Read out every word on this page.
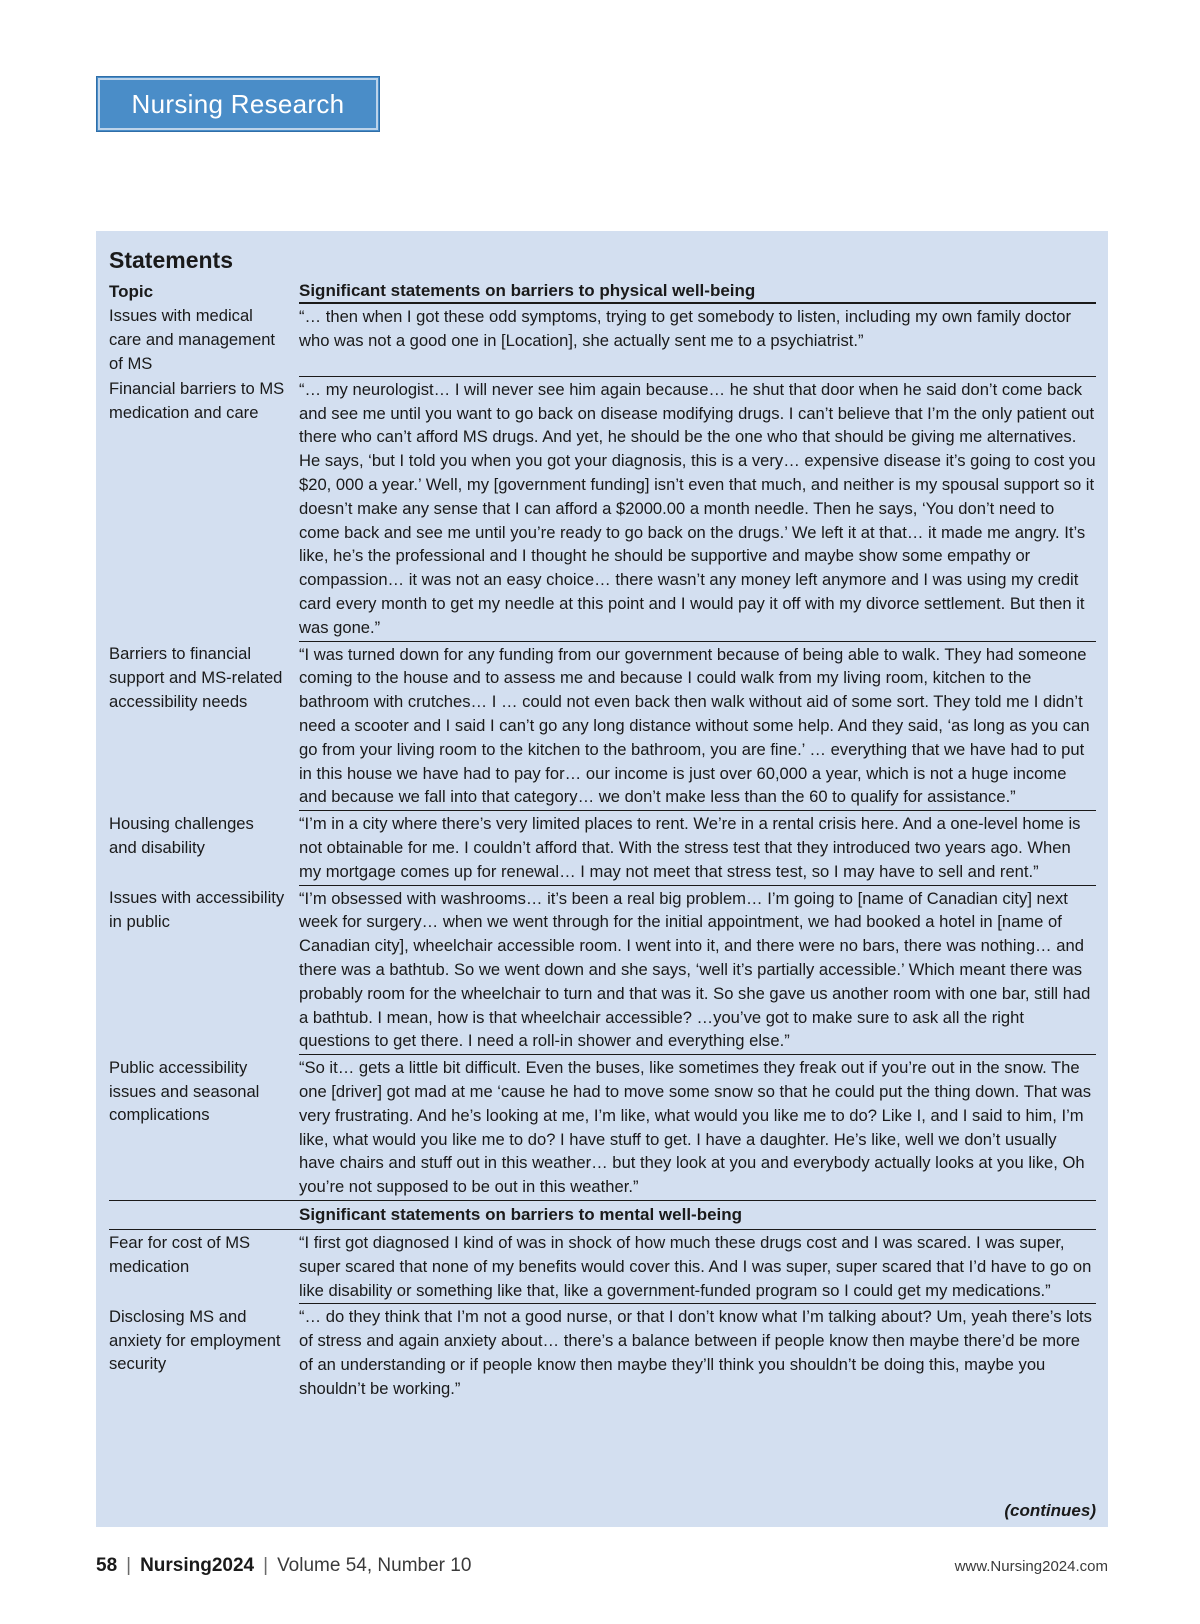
Nursing Research
Statements
Topic	Significant statements on barriers to physical well-being
Issues with medical care and management of MS	“… then when I got these odd symptoms, trying to get somebody to listen, including my own family doctor who was not a good one in [Location], she actually sent me to a psychiatrist.”
Financial barriers to MS medication and care	“… my neurologist… I will never see him again because… he shut that door when he said don’t come back and see me until you want to go back on disease modifying drugs. I can’t believe that I’m the only patient out there who can’t afford MS drugs. And yet, he should be the one who that should be giving me alternatives. He says, ‘but I told you when you got your diagnosis, this is a very… expensive disease it’s going to cost you $20, 000 a year.’ Well, my [government funding] isn’t even that much, and neither is my spousal support so it doesn’t make any sense that I can afford a $2000.00 a month needle. Then he says, ‘You don’t need to come back and see me until you’re ready to go back on the drugs.’ We left it at that… it made me angry. It’s like, he’s the professional and I thought he should be supportive and maybe show some empathy or compassion… it was not an easy choice… there wasn’t any money left anymore and I was using my credit card every month to get my needle at this point and I would pay it off with my divorce settlement. But then it was gone.”
Barriers to financial support and MS-related accessibility needs	“I was turned down for any funding from our government because of being able to walk. They had someone coming to the house and to assess me and because I could walk from my living room, kitchen to the bathroom with crutches… I … could not even back then walk without aid of some sort. They told me I didn’t need a scooter and I said I can’t go any long distance without some help. And they said, ‘as long as you can go from your living room to the kitchen to the bathroom, you are fine.’ … everything that we have had to put in this house we have had to pay for… our income is just over 60,000 a year, which is not a huge income and because we fall into that category… we don’t make less than the 60 to qualify for assistance.”
Housing challenges and disability	“I’m in a city where there’s very limited places to rent. We’re in a rental crisis here. And a one-level home is not obtainable for me. I couldn’t afford that. With the stress test that they introduced two years ago. When my mortgage comes up for renewal… I may not meet that stress test, so I may have to sell and rent.”
Issues with accessibility in public	“I’m obsessed with washrooms… it’s been a real big problem… I’m going to [name of Canadian city] next week for surgery… when we went through for the initial appointment, we had booked a hotel in [name of Canadian city], wheelchair accessible room. I went into it, and there were no bars, there was nothing… and there was a bathtub. So we went down and she says, ‘well it’s partially accessible.’ Which meant there was probably room for the wheelchair to turn and that was it. So she gave us another room with one bar, still had a bathtub. I mean, how is that wheelchair accessible? …you’ve got to make sure to ask all the right questions to get there. I need a roll-in shower and everything else.”
Public accessibility issues and seasonal complications	“So it… gets a little bit difficult. Even the buses, like sometimes they freak out if you’re out in the snow. The one [driver] got mad at me ‘cause he had to move some snow so that he could put the thing down. That was very frustrating. And he’s looking at me, I’m like, what would you like me to do? Like I, and I said to him, I’m like, what would you like me to do? I have stuff to get. I have a daughter. He’s like, well we don’t usually have chairs and stuff out in this weather… but they look at you and everybody actually looks at you like, Oh you’re not supposed to be out in this weather.”
	Significant statements on barriers to mental well-being
Fear for cost of MS medication	“I first got diagnosed I kind of was in shock of how much these drugs cost and I was scared. I was super, super scared that none of my benefits would cover this. And I was super, super scared that I’d have to go on like disability or something like that, like a government-funded program so I could get my medications.”
Disclosing MS and anxiety for employment security	“… do they think that I’m not a good nurse, or that I don’t know what I’m talking about? Um, yeah there’s lots of stress and again anxiety about… there’s a balance between if people know then maybe there’d be more of an understanding or if people know then maybe they’ll think you shouldn’t be doing this, maybe you shouldn’t be working.”
(continues)
58 | Nursing2024 | Volume 54, Number 10	www.Nursing2024.com
